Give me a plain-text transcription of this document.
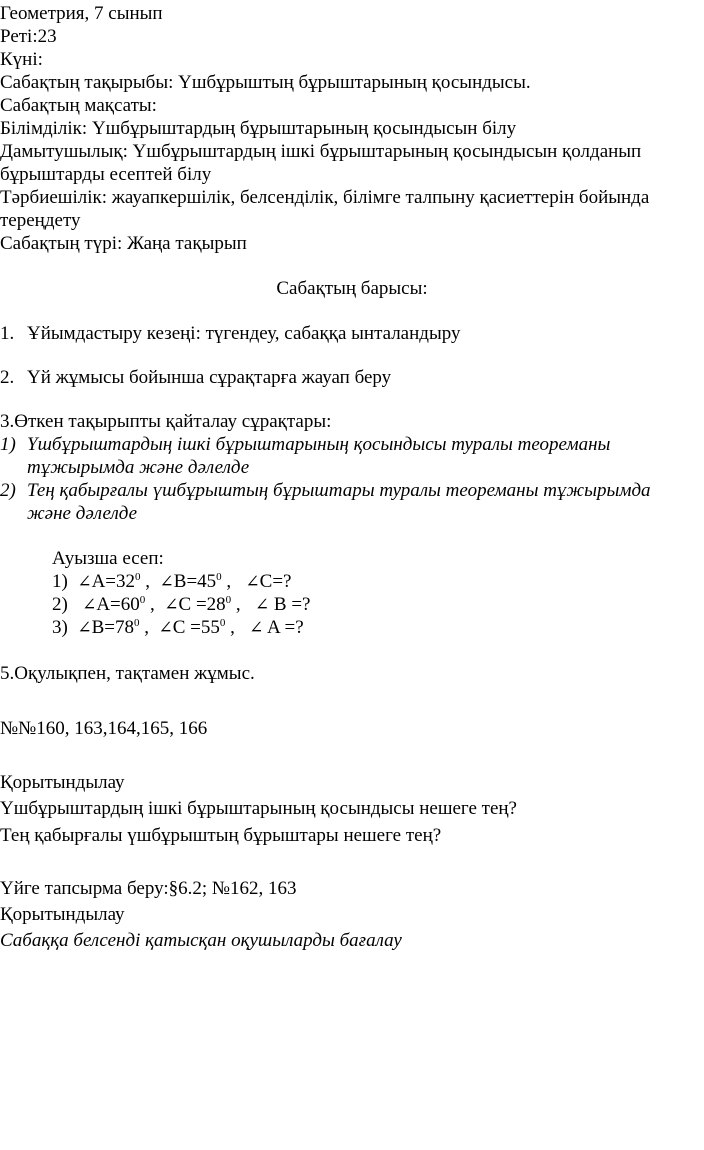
Геометрия, 7 сынып
Реті:23
Күні:
Сабақтың тақырыбы: Үшбұрыштың бұрыштарының қосындысы.
Сабақтың мақсаты:
Білімділік: Үшбұрыштардың бұрыштарының қосындысын білу
Дамытушылық: Үшбұрыштардың ішкі бұрыштарының қосындысын қолданып
бұрыштарды есептей білу
Тәрбиешілік: жауапкершілік, белсенділік, білімге талпыну қасиеттерін бойында
тереңдету
Сабақтың түрі: Жаңа тақырып
Сабақтың барысы:
1. Ұйымдастыру кезеңі: түгендеу, сабаққа ынталандыру
2. Үй жұмысы бойынша сұрақтарға жауап беру
3.Өткен тақырыпты қайталау сұрақтары:
1) Үшбұрыштардың ішкі бұрыштарының қосындысы туралы теореманы
тұжырымда және дәлелде
2) Тең қабырғалы үшбұрыштың бұрыштары туралы теореманы тұжырымда
және дәлелде
Ауызша есеп:
1) $\angle A=32^0$ ,  $\angle B=45^0$ ,   ∠C=?
2) $\angle A=60^0$ ,  ∠C $=28^0$ ,   ∠ B =?
3) $\angle B=78^0$ ,  ∠C $=55^0$ ,   ∠ A =?
5.Оқулықпен, тақтамен жұмыс.
№№160, 163,164,165, 166
Қорытындылау
Үшбұрыштардың ішкі бұрыштарының қосындысы нешеге тең?
Тең қабырғалы үшбұрыштың бұрыштары нешеге тең?
Үйге тапсырма беру:§6.2; №162, 163
Қорытындылау
Сабаққа белсенді қатысқан оқушыларды бағалау
